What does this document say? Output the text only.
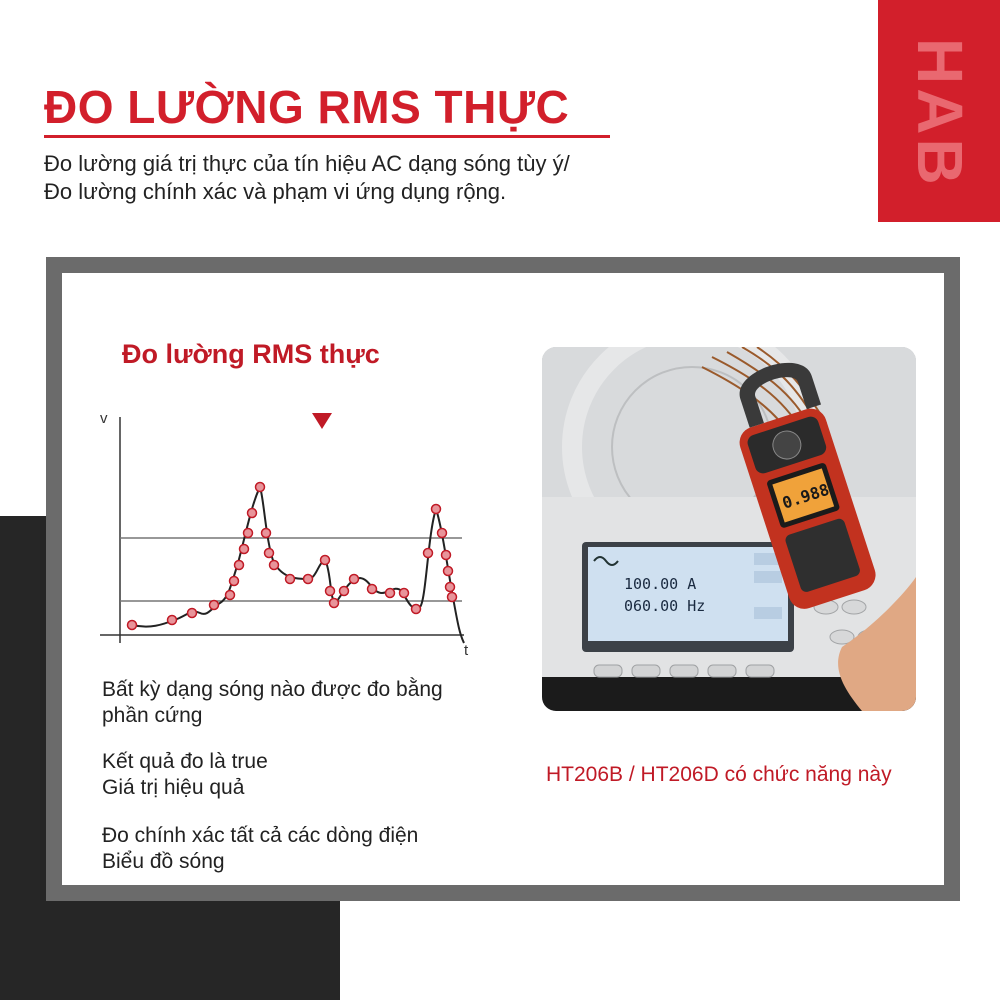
HAB
ĐO LƯỜNG RMS THỰC
Đo lường giá trị thực của tín hiệu AC dạng sóng tùy ý/
Đo lường chính xác và phạm vi ứng dụng rộng.
Đo lường RMS thực
v
t
Bất kỳ dạng sóng nào được đo bằng
phần cứng
Kết quả đo là true
Giá trị hiệu quả
Đo chính xác tất cả các dòng điện
Biểu đồ sóng
100.00 A
060.00 Hz
0.988
HT206B / HT206D có chức năng này
